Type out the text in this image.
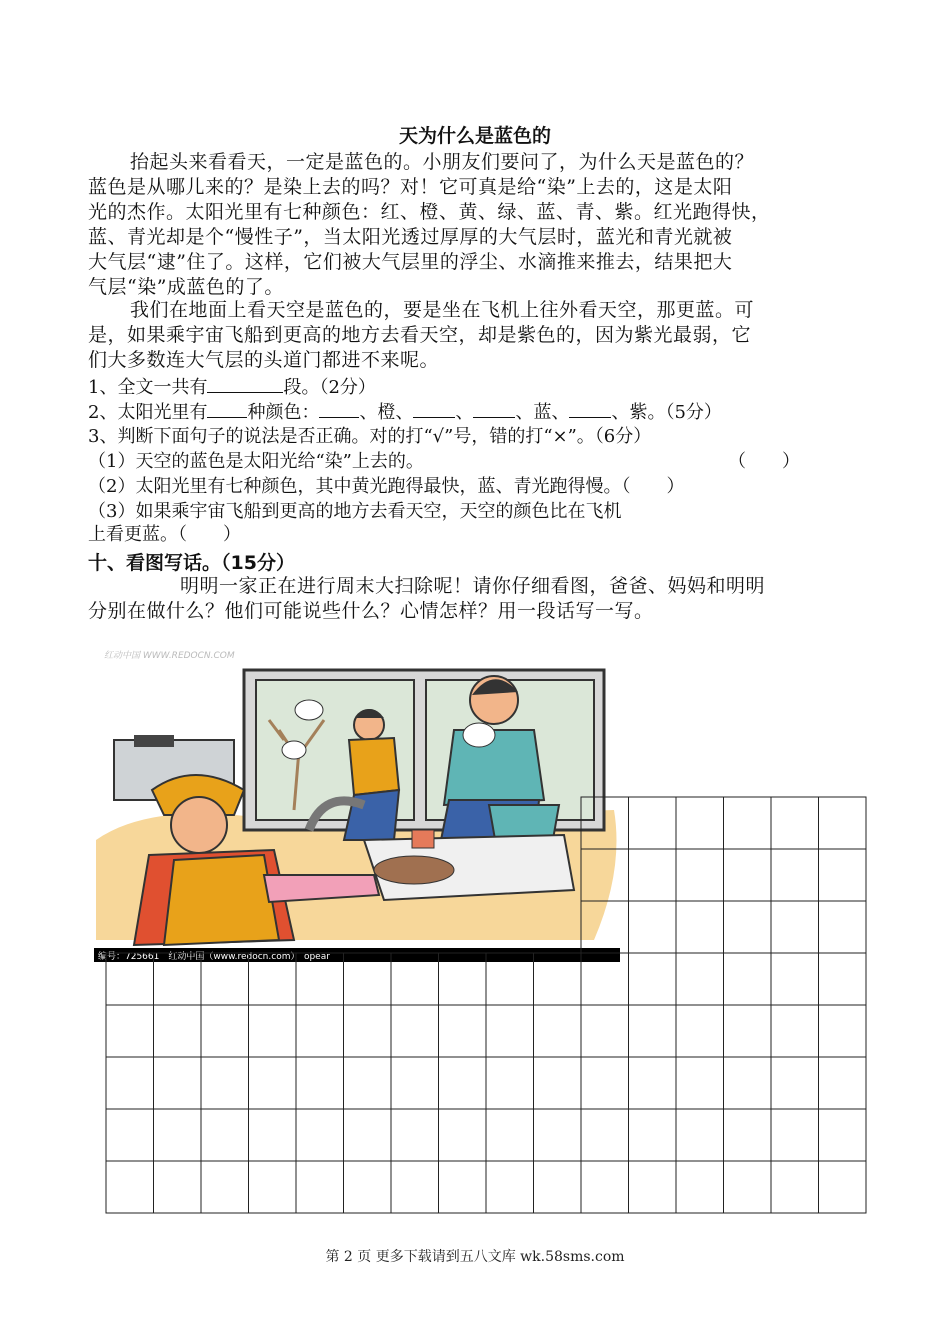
天为什么是蓝色的
抬起头来看看天，一定是蓝色的。小朋友们要问了，为什么天是蓝色的？
蓝色是从哪儿来的？是染上去的吗？对！它可真是给“染”上去的，这是太阳
光的杰作。太阳光里有七种颜色：红、橙、黄、绿、蓝、青、紫。红光跑得快，
蓝、青光却是个“慢性子”，当太阳光透过厚厚的大气层时，蓝光和青光就被
大气层“逮”住了。这样，它们被大气层里的浮尘、水滴推来推去，结果把大
气层“染”成蓝色的了。
我们在地面上看天空是蓝色的，要是坐在飞机上往外看天空，那更蓝。可
是，如果乘宇宙飞船到更高的地方去看天空，却是紫色的，因为紫光最弱，它
们大多数连大气层的头道门都进不来呢。
1、全文一共有	段。（2分）
2、太阳光里有 种颜色： 、橙、 、 、蓝、 、紫。（5分）
3、判断下面句子的说法是否正确。对的打“√”号，错的打“×”。（6分）
（1）天空的蓝色是太阳光给“染”上去的。	（　　）
（2）太阳光里有七种颜色，其中黄光跑得最快，蓝、青光跑得慢。（　　）
（3）如果乘宇宙飞船到更高的地方去看天空，天空的颜色比在飞机
上看更蓝。（　　）
十、看图写话。（15分）
明明一家正在进行周末大扫除呢！请你仔细看图，爸爸、妈妈和明明
分别在做什么？他们可能说些什么？心情怎样？用一段话写一写。
红动中国 WWW.REDOCN.COM
编号：725661　红动中国（www.redocn.com）　opear
第 2 页 更多下载请到五八文库 wk.58sms.com
